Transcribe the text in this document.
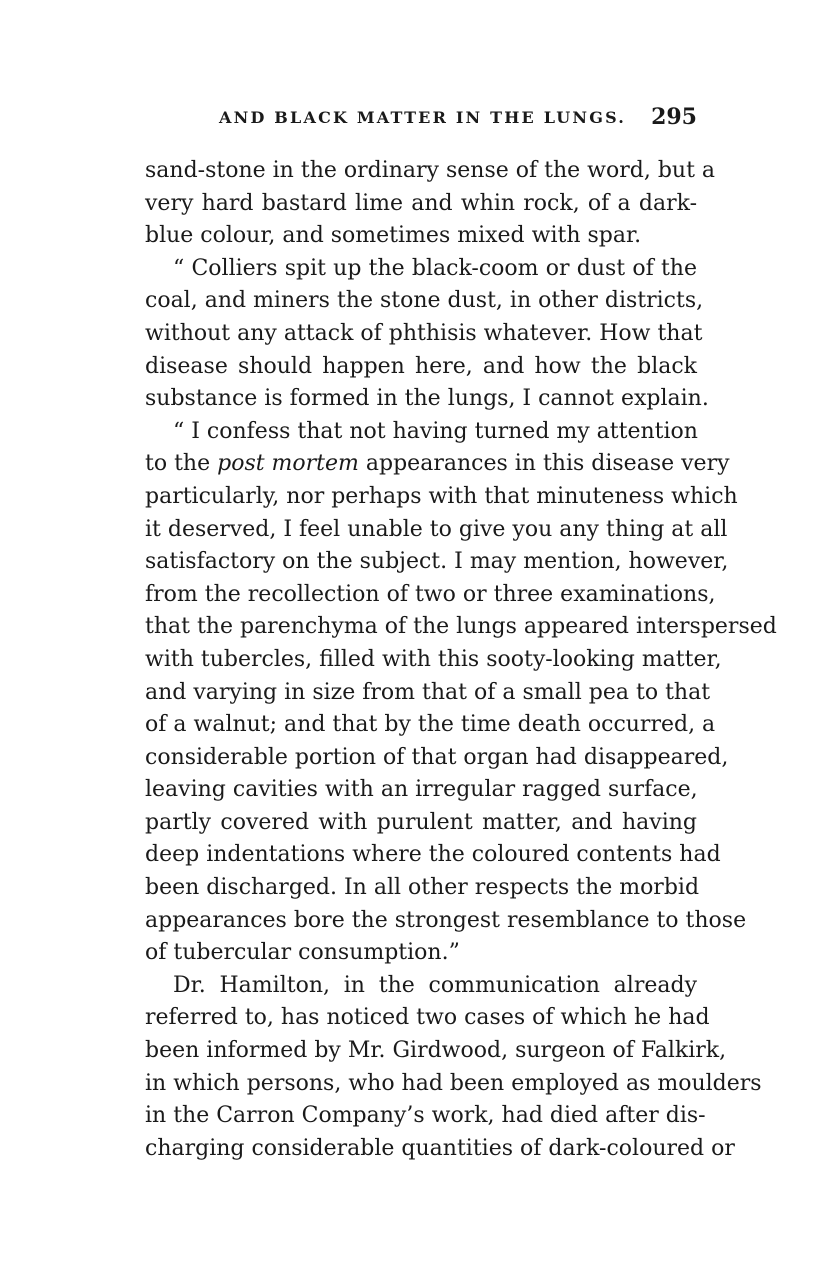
AND BLACK MATTER IN THE LUNGS. 295
sand-stone in the ordinary sense of the word, but a
very hard bastard lime and whin rock, of a dark-
blue colour, and sometimes mixed with spar.
“ Colliers spit up the black-coom or dust of the
coal, and miners the stone dust, in other districts,
without any attack of phthisis whatever. How that
disease should happen here, and how the black
substance is formed in the lungs, I cannot explain.
“ I confess that not having turned my attention
to the post mortem appearances in this disease very
particularly, nor perhaps with that minuteness which
it deserved, I feel unable to give you any thing at all
satisfactory on the subject. I may mention, however,
from the recollection of two or three examinations,
that the parenchyma of the lungs appeared interspersed
with tubercles, filled with this sooty-looking matter,
and varying in size from that of a small pea to that
of a walnut; and that by the time death occurred, a
considerable portion of that organ had disappeared,
leaving cavities with an irregular ragged surface,
partly covered with purulent matter, and having
deep indentations where the coloured contents had
been discharged. In all other respects the morbid
appearances bore the strongest resemblance to those
of tubercular consumption.”
Dr. Hamilton, in the communication already
referred to, has noticed two cases of which he had
been informed by Mr. Girdwood, surgeon of Falkirk,
in which persons, who had been employed as moulders
in the Carron Company’s work, had died after dis-
charging considerable quantities of dark-coloured or
